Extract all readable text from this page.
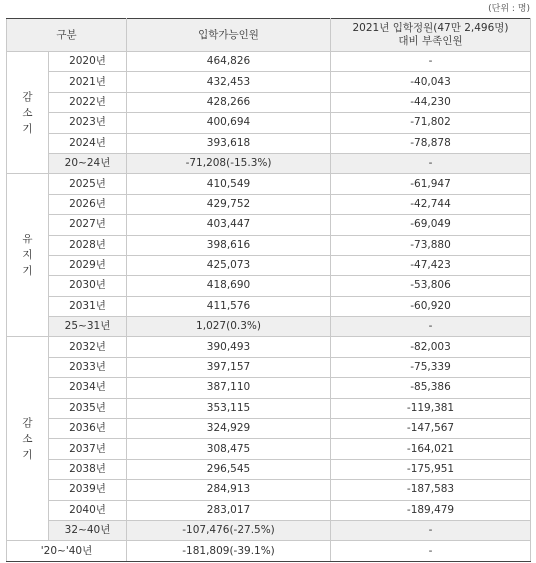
(단위 : 명)
구분		입학가능인원	2021년 입학정원(47만 2,496명)
대비 부족인원

감
소
기	2020년	464,826	-
	2021년	432,453	-40,043
	2022년	428,266	-44,230
	2023년	400,694	-71,802
	2024년	393,618	-78,878
	20~24년	-71,208(-15.3%)	-

유
지
기	2025년	410,549	-61,947
	2026년	429,752	-42,744
	2027년	403,447	-69,049
	2028년	398,616	-73,880
	2029년	425,073	-47,423
	2030년	418,690	-53,806
	2031년	411,576	-60,920
	25~31년	1,027(0.3%)	-

감
소
기	2032년	390,493	-82,003
	2033년	397,157	-75,339
	2034년	387,110	-85,386
	2035년	353,115	-119,381
	2036년	324,929	-147,567
	2037년	308,475	-164,021
	2038년	296,545	-175,951
	2039년	284,913	-187,583
	2040년	283,017	-189,479
	32~40년	-107,476(-27.5%)	-
'20~'40년		-181,809(-39.1%)	-
